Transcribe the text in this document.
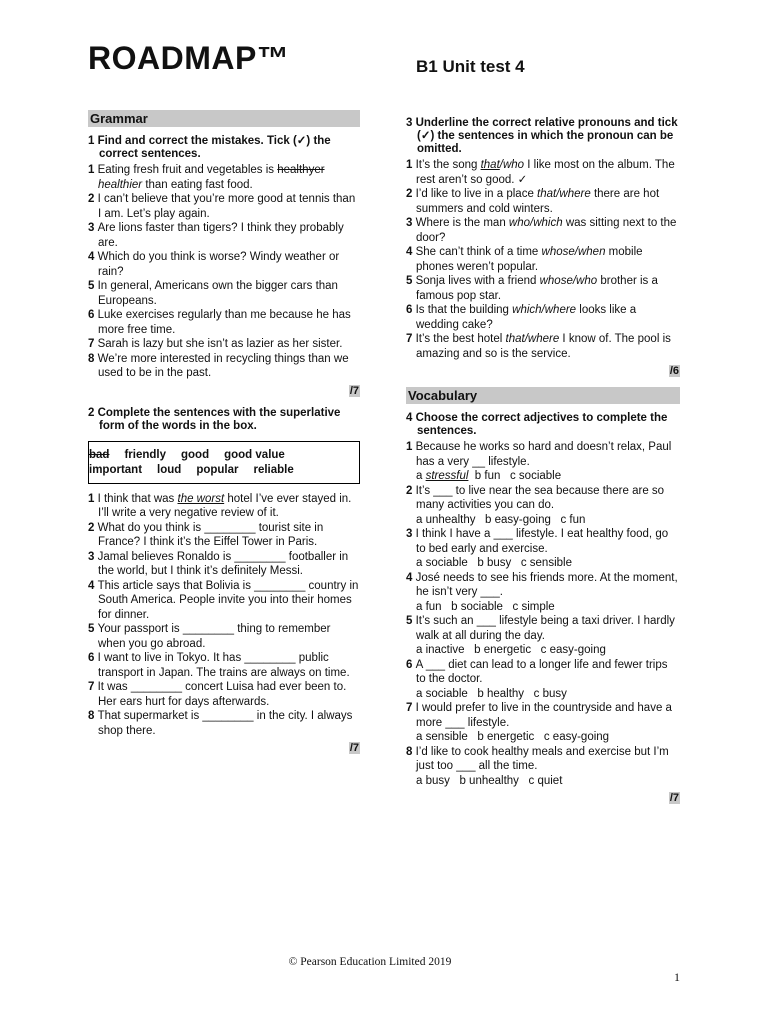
ROADMAP™	B1 Unit test 4
Grammar
1 Find and correct the mistakes. Tick (✓) the correct sentences.

1 Eating fresh fruit and vegetables is healthyer healthier than eating fast food.

2 I can’t believe that you’re more good at tennis than I am. Let’s play again.

3 Are lions faster than tigers? I think they probably are.

4 Which do you think is worse? Windy weather or rain?

5 In general, Americans own the bigger cars than Europeans.

6 Luke exercises regularly than me because he has more free time.

7 Sarah is lazy but she isn’t as lazier as her sister.

8 We’re more interested in recycling things than we used to be in the past.

/7
2 Complete the sentences with the superlative form of the words in the box.
bad friendly good good value
important loud popular reliable

1 I think that was the worst hotel I’ve ever stayed in. I’ll write a very negative review of it.

2 What do you think is ________ tourist site in France? I think it’s the Eiffel Tower in Paris.

3 Jamal believes Ronaldo is ________ footballer in the world, but I think it’s definitely Messi.

4 This article says that Bolivia is ________ country in South America. People invite you into their homes for dinner.

5 Your passport is ________ thing to remember when you go abroad.

6 I want to live in Tokyo. It has ________ public transport in Japan. The trains are always on time.

7 It was ________ concert Luisa had ever been to. Her ears hurt for days afterwards.

8 That supermarket is ________ in the city. I always shop there.

/7
3 Underline the correct relative pronouns and tick (✓) the sentences in which the pronoun can be omitted.

1 It’s the song that/who I like most on the album. The rest aren’t so good. ✓

2 I’d like to live in a place that/where there are hot summers and cold winters.

3 Where is the man who/which was sitting next to the door?

4 She can’t think of a time whose/when mobile phones weren’t popular.

5 Sonja lives with a friend whose/who brother is a famous pop star.

6 Is that the building which/where looks like a wedding cake?

7 It’s the best hotel that/where I know of. The pool is amazing and so is the service.

/6
Vocabulary
4 Choose the correct adjectives to complete the sentences.

1 Because he works so hard and doesn’t relax, Paul has a very __ lifestyle.

a stressful  b fun   c sociable

2 It’s ___ to live near the sea because there are so many activities you can do.

a unhealthy   b easy-going   c fun

3 I think I have a ___ lifestyle. I eat healthy food, go to bed early and exercise.

a sociable   b busy   c sensible

4 José needs to see his friends more. At the moment, he isn’t very ___.

a fun   b sociable   c simple

5 It’s such an ___ lifestyle being a taxi driver. I hardly walk at all during the day.

a inactive   b energetic   c easy-going

6 A ___ diet can lead to a longer life and fewer trips to the doctor.

a sociable   b healthy   c busy

7 I would prefer to live in the countryside and have a more ___ lifestyle.

a sensible   b energetic   c easy-going

8 I’d like to cook healthy meals and exercise but I’m just too ___ all the time.

a busy   b unhealthy   c quiet
/7
© Pearson Education Limited 2019
1
